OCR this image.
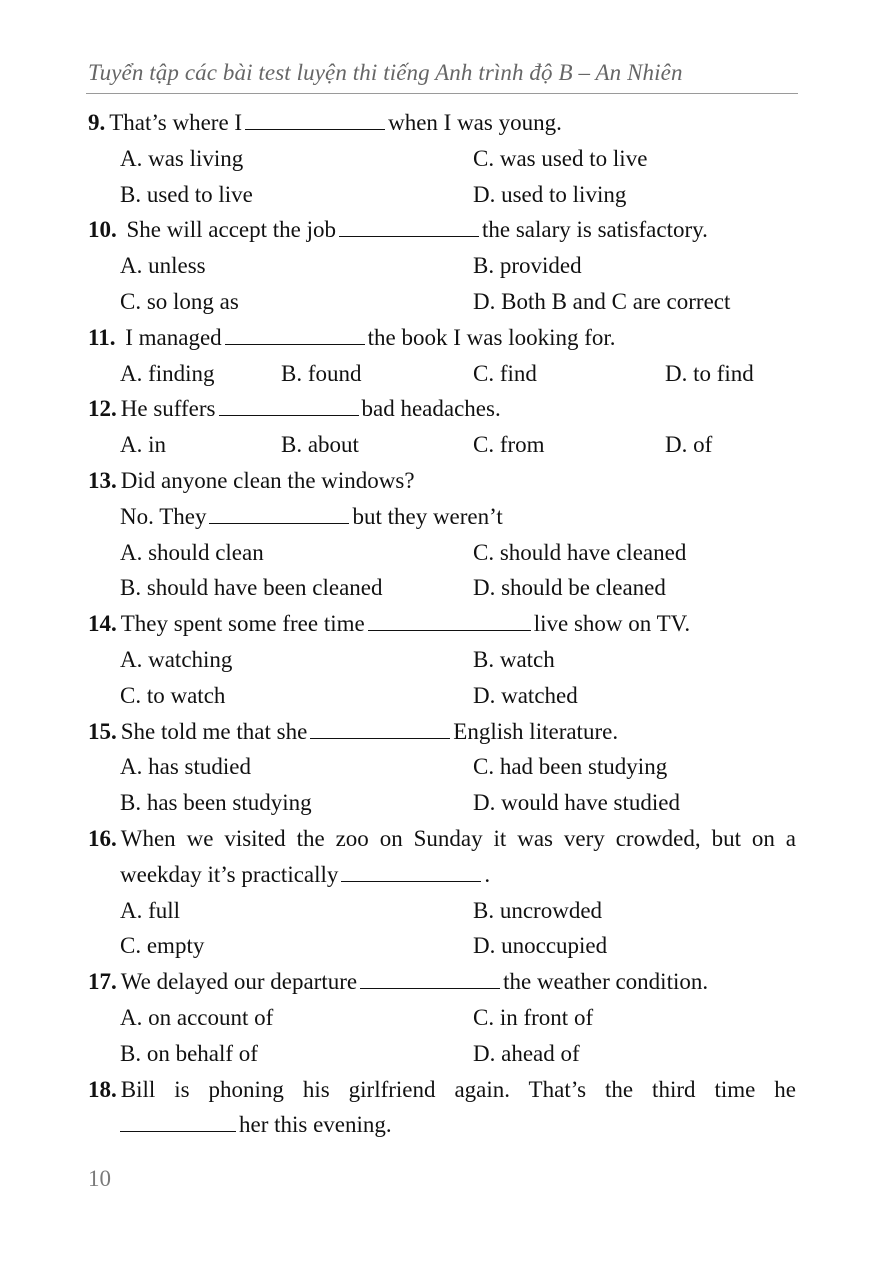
Tuyển tập các bài test luyện thi tiếng Anh trình độ B – An Nhiên
9. That’s where I	when I was young.
A. was living	C. was used to live
B. used to live	D. used to living
10. She will accept the job	the salary is satisfactory.
A. unless	B. provided
C. so long as	D. Both B and C are correct
11. I managed	the book I was looking for.
A. finding	B. found	C. find	D. to find
12. He suffers	bad headaches.
A. in	B. about	C. from	D. of
13. Did anyone clean the windows?
No. They	but they weren’t
A. should clean	C. should have cleaned
B. should have been cleaned	D. should be cleaned
14. They spent some free time	live show on TV.
A. watching	B. watch
C. to watch	D. watched
15. She told me that she	English literature.
A. has studied	C. had been studying
B. has been studying	D. would have studied
16. When we visited the zoo on Sunday it was very crowded, but on a
weekday it’s practically	.
A. full	B. uncrowded
C. empty	D. unoccupied
17. We delayed our departure	the weather condition.
A. on account of	C. in front of
B. on behalf of	D. ahead of
18. Bill is phoning his girlfriend again. That’s the third time he
her this evening.
10
